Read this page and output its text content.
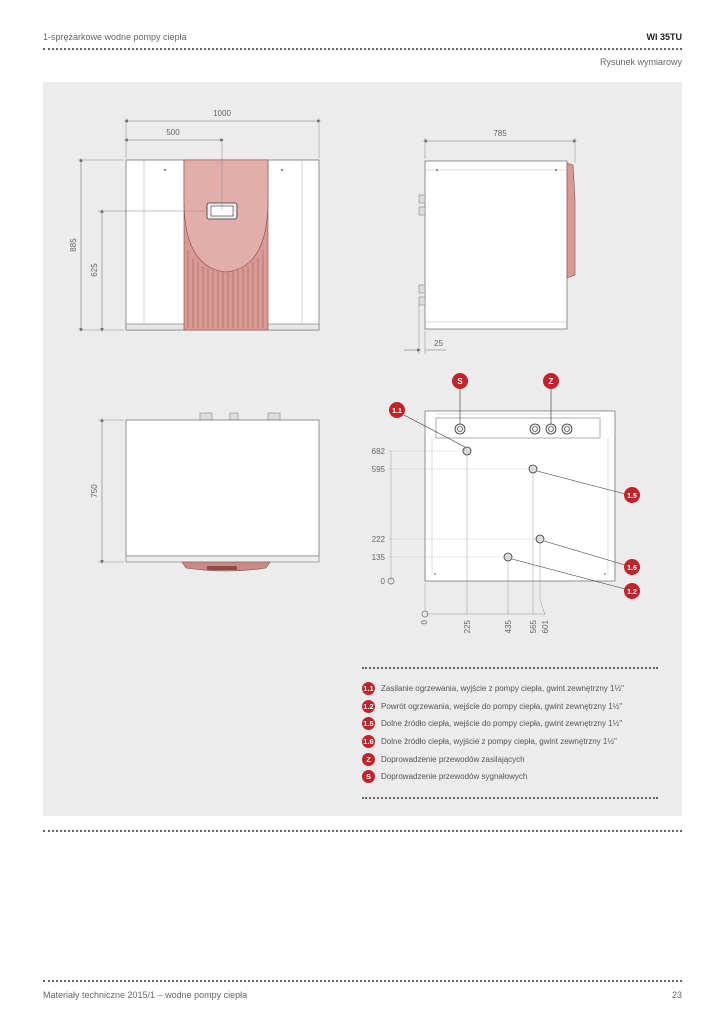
1-sprężarkowe wodne pompy ciepła	WI 35TU
Rysunek wymiarowy
1000
500
885
625
785
25
750
682
595
222
135
0
0	225	435 565 601
S	Z
1.1
1.5
1.6
1.2
1.1 Zasilanie ogrzewania, wyjście z pompy ciepła, gwint zewnętrzny 1½"
1.2 Powrót ogrzewania, wejście do pompy ciepła, gwint zewnętrzny 1½"
1.5 Dolne źródło ciepła, wejście do pompy ciepła, gwint zewnętrzny 1½"
1.6 Dolne źródło ciepła, wyjście z pompy ciepła, gwint zewnętrzny 1½"
Z	Doprowadzenie przewodów zasilających
S	Doprowadzenie przewodów sygnałowych
Materiały techniczne 2015/1 – wodne pompy ciepła	23
